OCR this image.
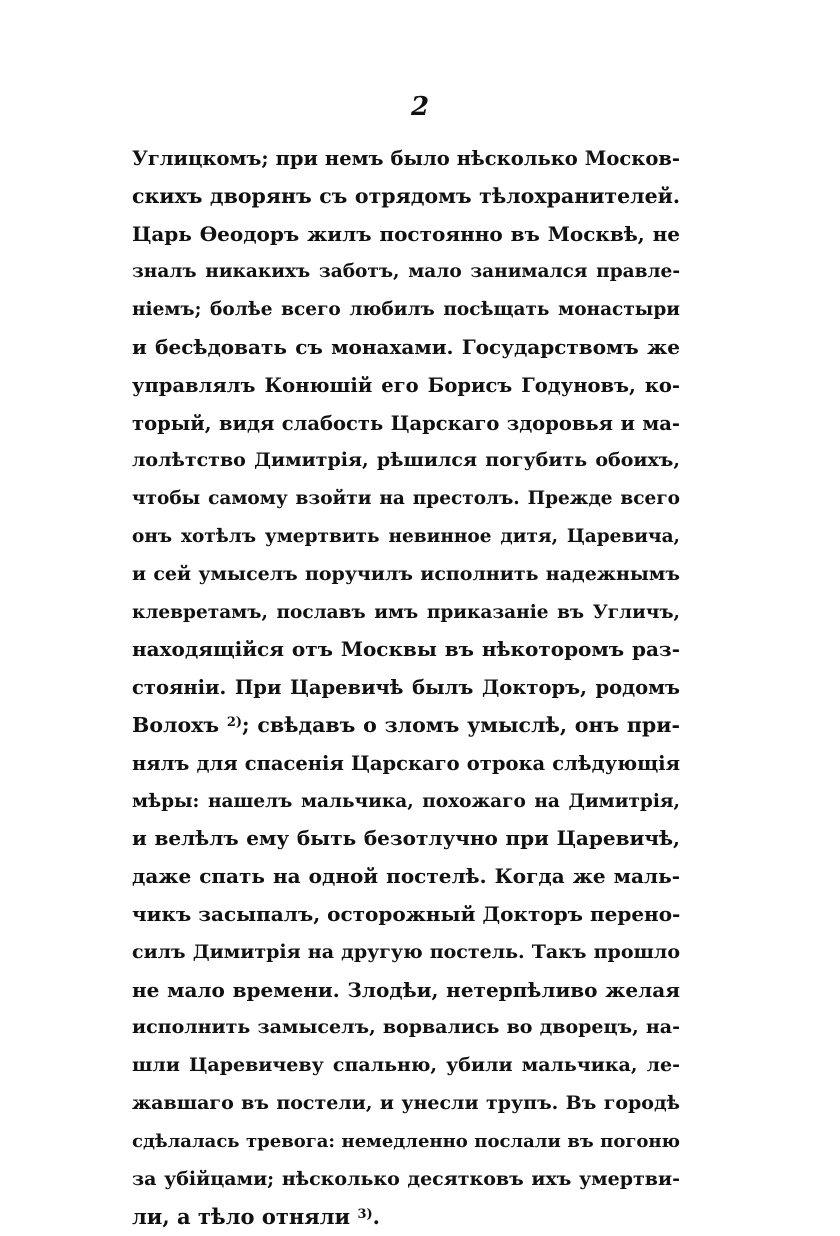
2
Углицкомъ; при немъ было нѣсколько Москов-
скихъ дворянъ съ отрядомъ тѣлохранителей.
Царь Ѳеодоръ жилъ постоянно въ Москвѣ, не
зналъ никакихъ заботъ, мало занимался правле-
ніемъ; болѣе всего любилъ посѣщать монастыри
и бесѣдовать съ монахами. Государствомъ же
управлялъ Конюшій его Борисъ Годуновъ, ко-
торый, видя слабость Царскаго здоровья и ма-
лолѣтство Димитрія, рѣшился погубить обоихъ,
чтобы самому взойти на престолъ. Прежде всего
онъ хотѣлъ умертвить невинное дитя, Царевича,
и сей умыселъ поручилъ исполнить надежнымъ
клевретамъ, пославъ имъ приказаніе въ Угличъ,
находящійся отъ Москвы въ нѣкоторомъ раз-
стояніи. При Царевичѣ былъ Докторъ, родомъ
Волохъ $^{2)}$; свѣдавъ о зломъ умыслѣ, онъ при-
нялъ для спасенія Царскаго отрока слѣдующія
мѣры: нашелъ мальчика, похожаго на Димитрія,
и велѣлъ ему быть безотлучно при Царевичѣ,
даже спать на одной постелѣ. Когда же маль-
чикъ засыпалъ, осторожный Докторъ перено-
силъ Димитрія на другую постель. Такъ прошло
не мало времени. Злодѣи, нетерпѣливо желая
исполнить замыселъ, ворвались во дворецъ, на-
шли Царевичеву спальню, убили мальчика, ле-
жавшаго въ постели, и унесли трупъ. Въ городѣ
сдѣлалась тревога: немедленно послали въ погоню
за убійцами; нѣсколько десятковъ ихъ умертви-
ли, а тѣло отняли $^{3)}$.
